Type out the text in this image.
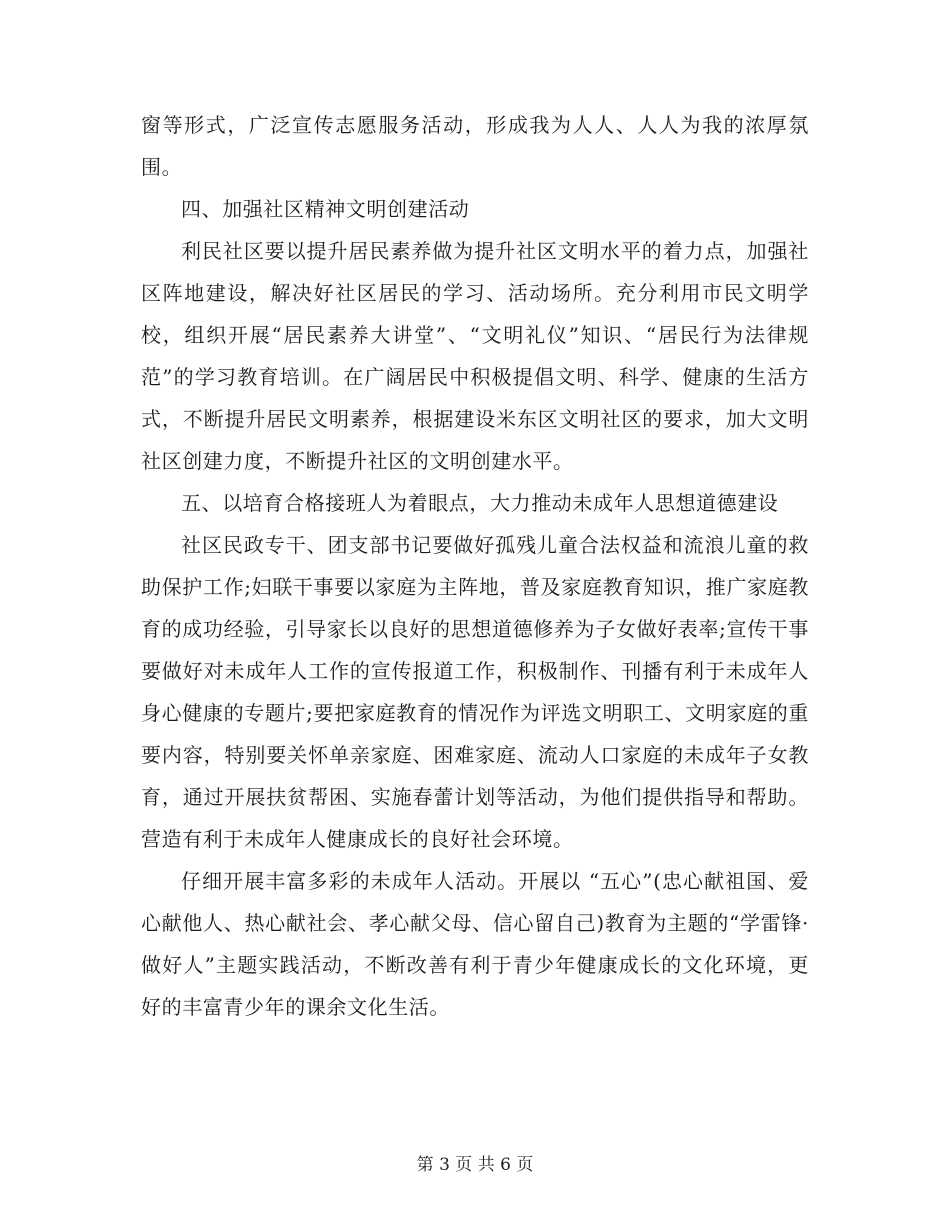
窗等形式，广泛宣传志愿服务活动，形成我为人人、人人为我的浓厚氛围。

四、加强社区精神文明创建活动

利民社区要以提升居民素养做为提升社区文明水平的着力点，加强社区阵地建设，解决好社区居民的学习、活动场所。充分利用市民文明学校，组织开展“居民素养大讲堂”、“文明礼仪”知识、“居民行为法律规范”的学习教育培训。在广阔居民中积极提倡文明、科学、健康的生活方式，不断提升居民文明素养，根据建设米东区文明社区的要求，加大文明社区创建力度，不断提升社区的文明创建水平。

五、以培育合格接班人为着眼点，大力推动未成年人思想道德建设

社区民政专干、团支部书记要做好孤残儿童合法权益和流浪儿童的救助保护工作;妇联干事要以家庭为主阵地，普及家庭教育知识，推广家庭教育的成功经验，引导家长以良好的思想道德修养为子女做好表率;宣传干事要做好对未成年人工作的宣传报道工作，积极制作、刊播有利于未成年人身心健康的专题片;要把家庭教育的情况作为评选文明职工、文明家庭的重要内容，特别要关怀单亲家庭、困难家庭、流动人口家庭的未成年子女教育，通过开展扶贫帮困、实施春蕾计划等活动，为他们提供指导和帮助。营造有利于未成年人健康成长的良好社会环境。

仔细开展丰富多彩的未成年人活动。开展以 “五心”(忠心献祖国、爱心献他人、热心献社会、孝心献父母、信心留自己)教育为主题的“学雷锋·做好人”主题实践活动，不断改善有利于青少年健康成长的文化环境，更好的丰富青少年的课余文化生活。

第 3 页 共 6 页
